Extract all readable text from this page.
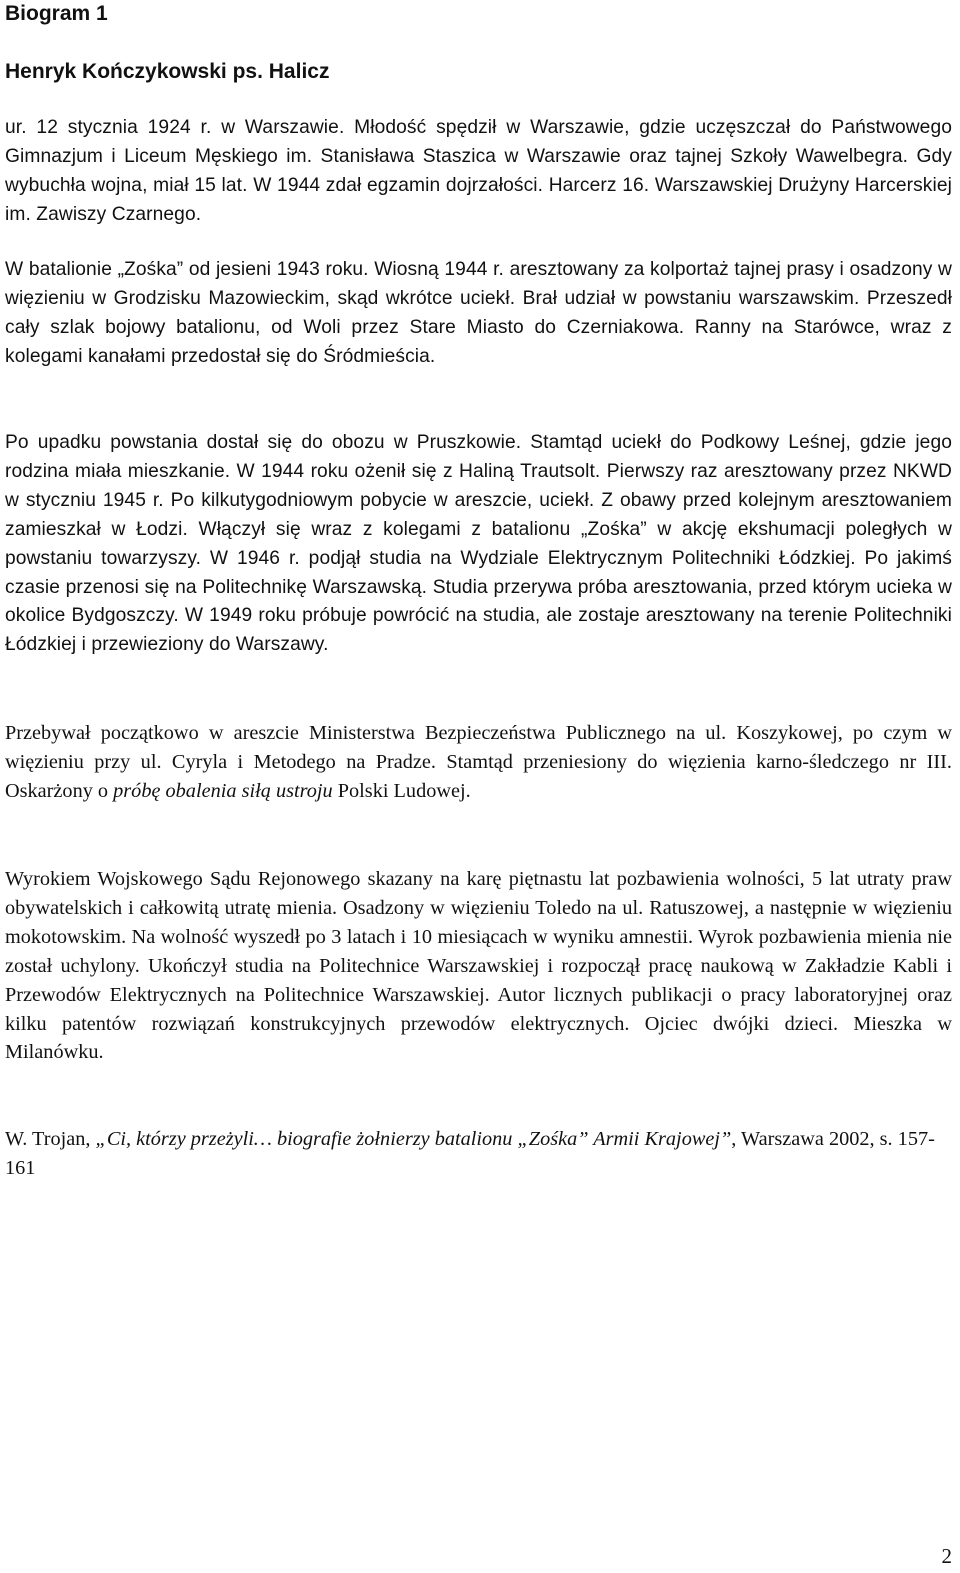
Biogram 1
Henryk Kończykowski ps. Halicz

ur. 12 stycznia 1924 r. w Warszawie. Młodość spędził w Warszawie, gdzie uczęszczał do Państwowego Gimnazjum i Liceum Męskiego im. Stanisława Staszica w Warszawie oraz tajnej Szkoły Wawelbegra. Gdy wybuchła wojna, miał 15 lat. W 1944 zdał egzamin dojrzałości. Harcerz 16. Warszawskiej Drużyny Harcerskiej im. Zawiszy Czarnego.

W batalionie „Zośka” od jesieni 1943 roku. Wiosną 1944 r. aresztowany za kolportaż tajnej prasy i osadzony w więzieniu w Grodzisku Mazowieckim, skąd wkrótce uciekł. Brał udział w powstaniu warszawskim. Przeszedł cały szlak bojowy batalionu, od Woli przez Stare Miasto do Czerniakowa. Ranny na Starówce, wraz z kolegami kanałami przedostał się do Śródmieścia.

Po upadku powstania dostał się do obozu w Pruszkowie. Stamtąd uciekł do Podkowy Leśnej, gdzie jego rodzina miała mieszkanie. W 1944 roku ożenił się z Haliną Trautsolt. Pierwszy raz aresztowany przez NKWD w styczniu 1945 r. Po kilkutygodniowym pobycie w areszcie, uciekł. Z obawy przed kolejnym aresztowaniem zamieszkał w Łodzi. Włączył się wraz z kolegami z batalionu „Zośka” w akcję ekshumacji poległych w powstaniu towarzyszy. W 1946 r. podjął studia na Wydziale Elektrycznym Politechniki Łódzkiej. Po jakimś czasie przenosi się na Politechnikę Warszawską. Studia przerywa próba aresztowania, przed którym ucieka w okolice Bydgoszczy. W 1949 roku próbuje powrócić na studia, ale zostaje aresztowany na terenie Politechniki Łódzkiej i przewieziony do Warszawy.

Przebywał początkowo w areszcie Ministerstwa Bezpieczeństwa Publicznego na ul. Koszykowej, po czym w więzieniu przy ul. Cyryla i Metodego na Pradze. Stamtąd przeniesiony do więzienia karno-śledczego nr III. Oskarżony o próbę obalenia siłą ustroju Polski Ludowej.

Wyrokiem Wojskowego Sądu Rejonowego skazany na karę piętnastu lat pozbawienia wolności, 5 lat utraty praw obywatelskich i całkowitą utratę mienia. Osadzony w więzieniu Toledo na ul. Ratuszowej, a następnie w więzieniu mokotowskim. Na wolność wyszedł po 3 latach i 10 miesiącach w wyniku amnestii. Wyrok pozbawienia mienia nie został uchylony. Ukończył studia na Politechnice Warszawskiej i rozpoczął pracę naukową w Zakładzie Kabli i Przewodów Elektrycznych na Politechnice Warszawskiej. Autor licznych publikacji o pracy laboratoryjnej oraz kilku patentów rozwiązań konstrukcyjnych przewodów elektrycznych. Ojciec dwójki dzieci. Mieszka w Milanówku.

W. Trojan, „Ci, którzy przeżyli… biografie żołnierzy batalionu „Zośka” Armii Krajowej”, Warszawa 2002, s. 157-161

2
